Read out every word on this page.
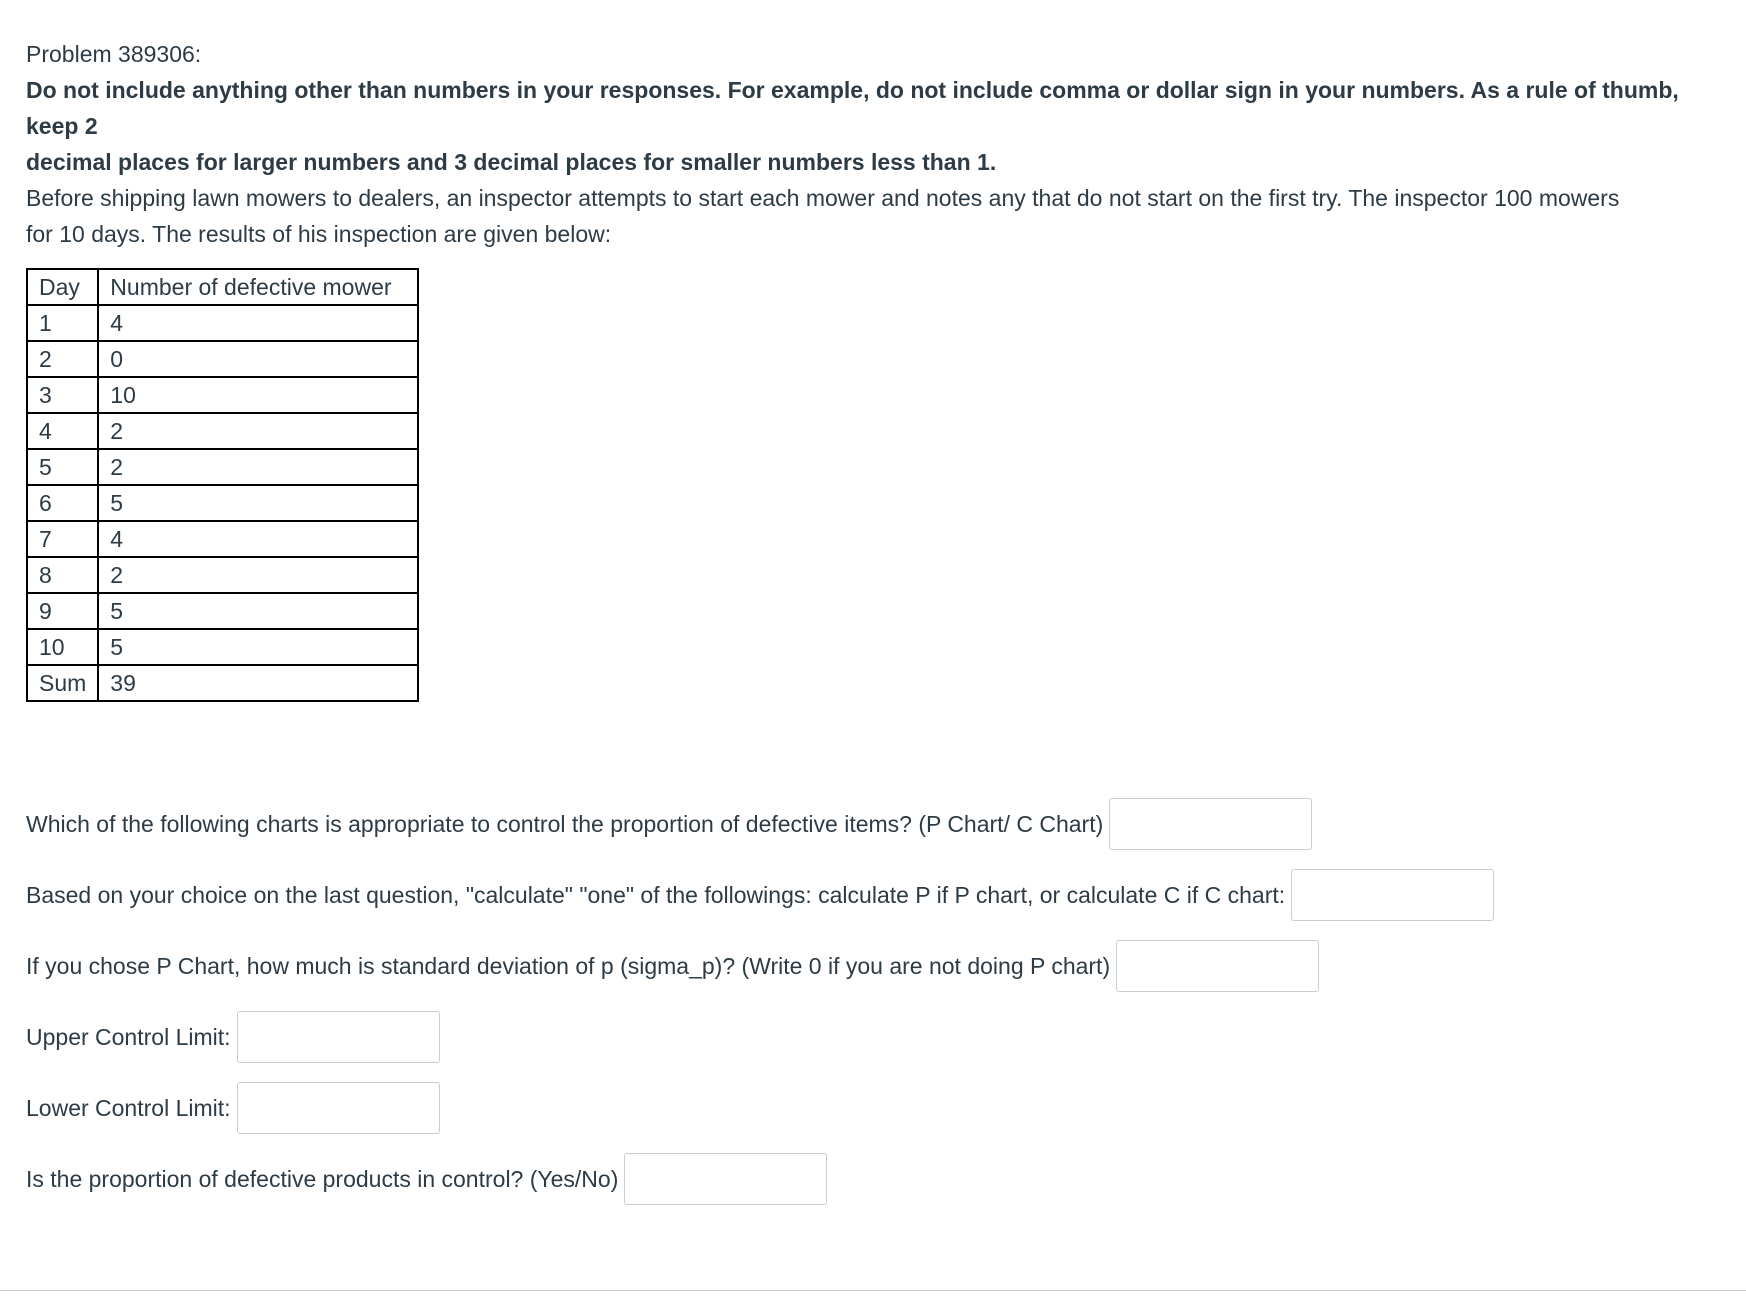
Problem 389306:

Do not include anything other than numbers in your responses. For example, do not include comma or dollar sign in your numbers. As a rule of thumb, keep 2

decimal places for larger numbers and 3 decimal places for smaller numbers less than 1.

Before shipping lawn mowers to dealers, an inspector attempts to start each mower and notes any that do not start on the first try. The inspector 100 mowers

for 10 days. The results of his inspection are given below:

Day	Number of defective mower
1	4
2	0
3	10
4	2
5	2
6	5
7	4
8	2
9	5
10	5
Sum	39
Which of the following charts is appropriate to control the proportion of defective items? (P Chart/ C Chart)
Based on your choice on the last question, "calculate" "one" of the followings: calculate P if P chart, or calculate C if C chart:
If you chose P Chart, how much is standard deviation of p (sigma_p)? (Write 0 if you are not doing P chart)
Upper Control Limit:
Lower Control Limit:
Is the proportion of defective products in control? (Yes/No)
